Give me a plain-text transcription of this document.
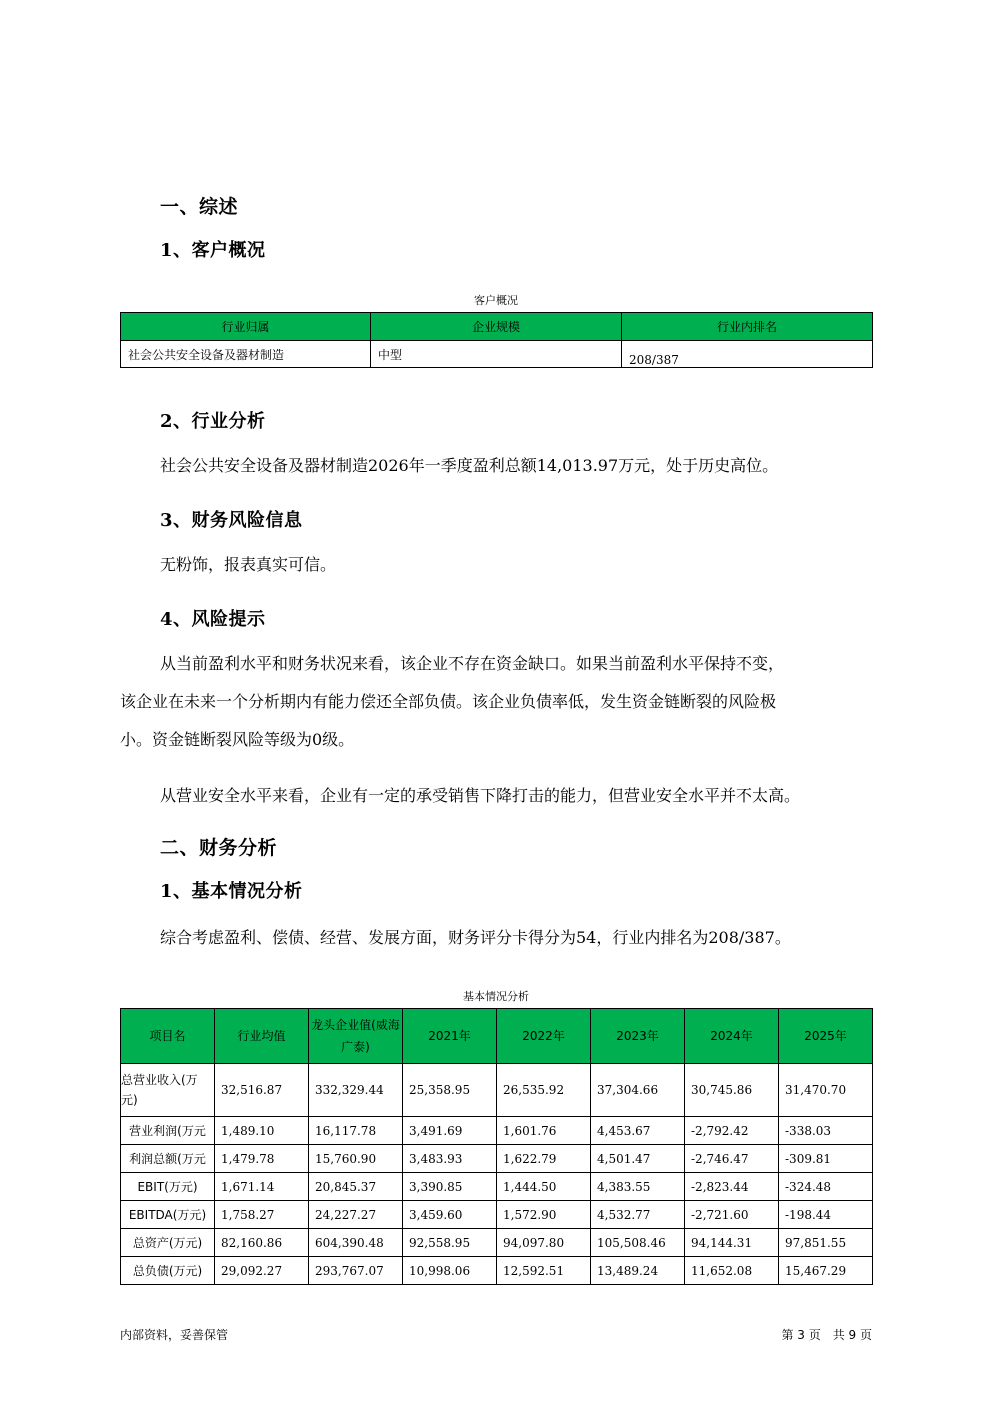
一、综述
1、客户概况
客户概况
行业归属	企业规模	行业内排名
社会公共安全设备及器材制造	中型	208/387
2、行业分析
社会公共安全设备及器材制造2026年一季度盈利总额14,013.97万元，处于历史高位。
3、财务风险信息
无粉饰，报表真实可信。
4、风险提示
从当前盈利水平和财务状况来看，该企业不存在资金缺口。如果当前盈利水平保持不变，
该企业在未来一个分析期内有能力偿还全部负债。该企业负债率低，发生资金链断裂的风险极
小。资金链断裂风险等级为0级。
从营业安全水平来看，企业有一定的承受销售下降打击的能力，但营业安全水平并不太高。
二、财务分析
1、基本情况分析
综合考虑盈利、偿债、经营、发展方面，财务评分卡得分为54，行业内排名为208/387。
基本情况分析
项目名	行业均值	龙头企业值(威海广泰)	2021年	2022年	2023年	2024年	2025年
总营业收入(万元)	32,516.87	332,329.44	25,358.95	26,535.92	37,304.66	30,745.86	31,470.70
营业利润(万元	1,489.10	16,117.78	3,491.69	1,601.76	4,453.67	-2,792.42	-338.03
利润总额(万元	1,479.78	15,760.90	3,483.93	1,622.79	4,501.47	-2,746.47	-309.81
EBIT(万元)	1,671.14	20,845.37	3,390.85	1,444.50	4,383.55	-2,823.44	-324.48
EBITDA(万元)	1,758.27	24,227.27	3,459.60	1,572.90	4,532.77	-2,721.60	-198.44
总资产(万元)	82,160.86	604,390.48	92,558.95	94,097.80	105,508.46	94,144.31	97,851.55
总负债(万元)	29,092.27	293,767.07	10,998.06	12,592.51	13,489.24	11,652.08	15,467.29
内部资料，妥善保管	第 3 页　共 9 页
